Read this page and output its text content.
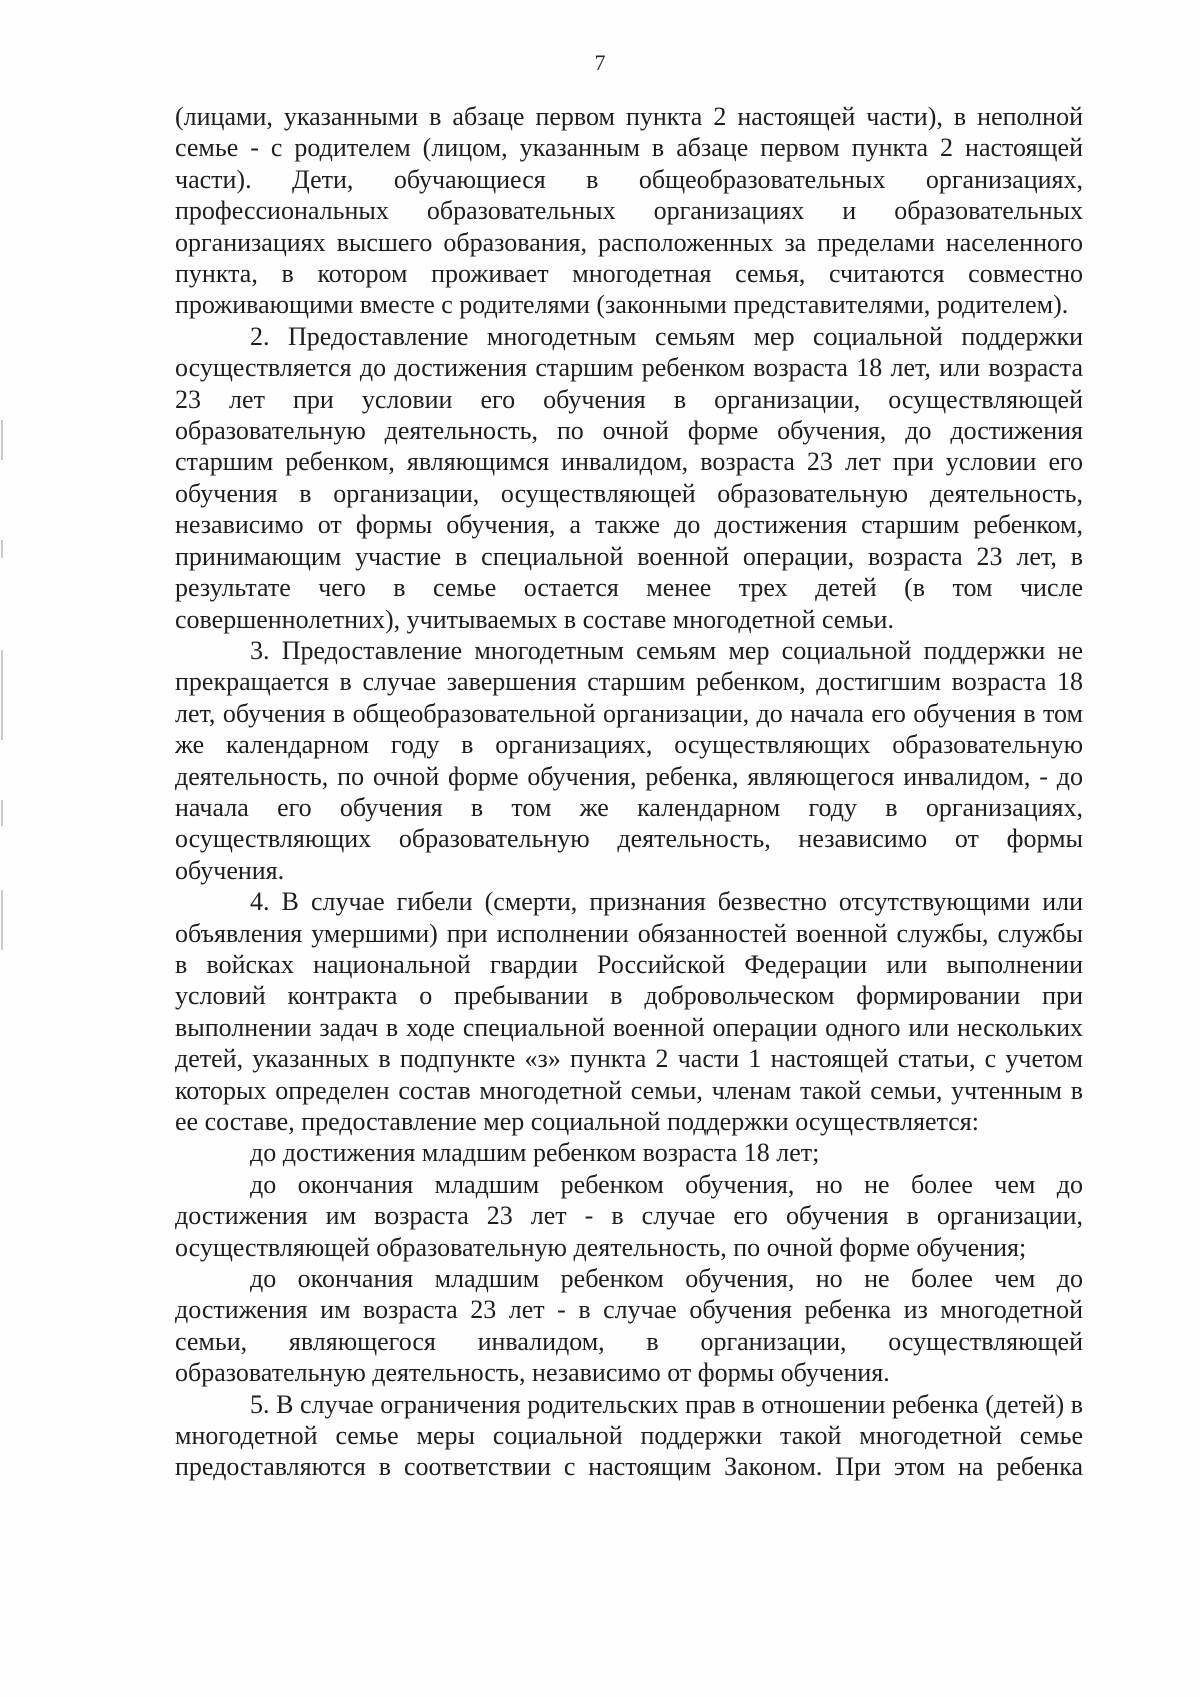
7

(лицами, указанными в абзаце первом пункта 2 настоящей части), в неполной семье - с родителем (лицом, указанным в абзаце первом пункта 2 настоящей части). Дети, обучающиеся в общеобразовательных организациях, профессиональных образовательных организациях и образовательных организациях высшего образования, расположенных за пределами населенного пункта, в котором проживает многодетная семья, считаются совместно проживающими вместе с родителями (законными представителями, родителем).

2. Предоставление многодетным семьям мер социальной поддержки осуществляется до достижения старшим ребенком возраста 18 лет, или возраста 23 лет при условии его обучения в организации, осуществляющей образовательную деятельность, по очной форме обучения, до достижения старшим ребенком, являющимся инвалидом, возраста 23 лет при условии его обучения в организации, осуществляющей образовательную деятельность, независимо от формы обучения, а также до достижения старшим ребенком, принимающим участие в специальной военной операции, возраста 23 лет, в результате чего в семье остается менее трех детей (в том числе совершеннолетних), учитываемых в составе многодетной семьи.

3. Предоставление многодетным семьям мер социальной поддержки не прекращается в случае завершения старшим ребенком, достигшим возраста 18 лет, обучения в общеобразовательной организации, до начала его обучения в том же календарном году в организациях, осуществляющих образовательную деятельность, по очной форме обучения, ребенка, являющегося инвалидом, - до начала его обучения в том же календарном году в организациях, осуществляющих образовательную деятельность, независимо от формы обучения.

4. В случае гибели (смерти, признания безвестно отсутствующими или объявления умершими) при исполнении обязанностей военной службы, службы в войсках национальной гвардии Российской Федерации или выполнении условий контракта о пребывании в добровольческом формировании при выполнении задач в ходе специальной военной операции одного или нескольких детей, указанных в подпункте «з» пункта 2 части 1 настоящей статьи, с учетом которых определен состав многодетной семьи, членам такой семьи, учтенным в ее составе, предоставление мер социальной поддержки осуществляется:

до достижения младшим ребенком возраста 18 лет;

до окончания младшим ребенком обучения, но не более чем до достижения им возраста 23 лет - в случае его обучения в организации, осуществляющей образовательную деятельность, по очной форме обучения;

до окончания младшим ребенком обучения, но не более чем до достижения им возраста 23 лет - в случае обучения ребенка из многодетной семьи, являющегося инвалидом, в организации, осуществляющей образовательную деятельность, независимо от формы обучения.

5. В случае ограничения родительских прав в отношении ребенка (детей) в многодетной семье меры социальной поддержки такой многодетной семье предоставляются в соответствии с настоящим Законом. При этом на ребенка
